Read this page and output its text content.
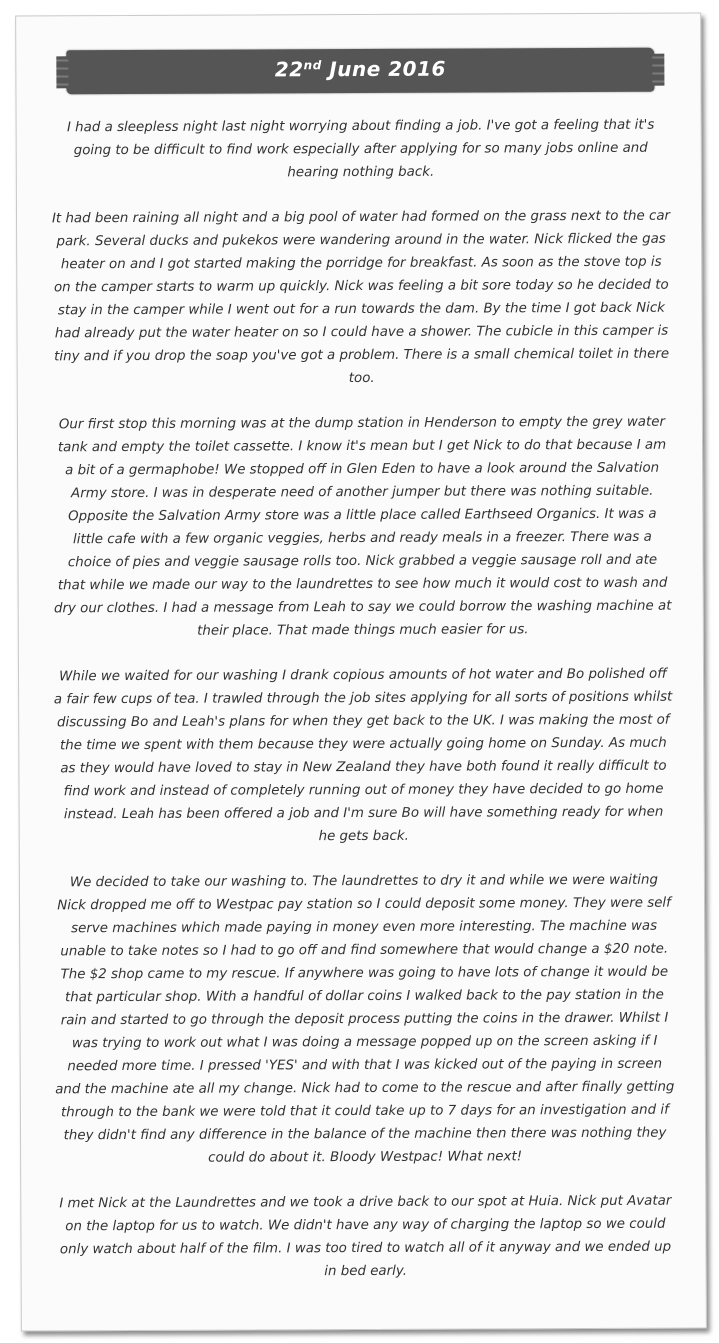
22nd June 2016

I had a sleepless night last night worrying about finding a job. I've got a feeling that it's going to be difficult to find work especially after applying for so many jobs online and hearing nothing back.

It had been raining all night and a big pool of water had formed on the grass next to the car park. Several ducks and pukekos were wandering around in the water. Nick flicked the gas heater on and I got started making the porridge for breakfast. As soon as the stove top is on the camper starts to warm up quickly. Nick was feeling a bit sore today so he decided to stay in the camper while I went out for a run towards the dam. By the time I got back Nick had already put the water heater on so I could have a shower. The cubicle in this camper is tiny and if you drop the soap you've got a problem. There is a small chemical toilet in there too.

Our first stop this morning was at the dump station in Henderson to empty the grey water tank and empty the toilet cassette. I know it's mean but I get Nick to do that because I am a bit of a germaphobe! We stopped off in Glen Eden to have a look around the Salvation Army store. I was in desperate need of another jumper but there was nothing suitable. Opposite the Salvation Army store was a little place called Earthseed Organics. It was a little cafe with a few organic veggies, herbs and ready meals in a freezer. There was a choice of pies and veggie sausage rolls too. Nick grabbed a veggie sausage roll and ate that while we made our way to the laundrettes to see how much it would cost to wash and dry our clothes. I had a message from Leah to say we could borrow the washing machine at their place. That made things much easier for us.

While we waited for our washing I drank copious amounts of hot water and Bo polished off a fair few cups of tea. I trawled through the job sites applying for all sorts of positions whilst discussing Bo and Leah's plans for when they get back to the UK. I was making the most of the time we spent with them because they were actually going home on Sunday. As much as they would have loved to stay in New Zealand they have both found it really difficult to find work and instead of completely running out of money they have decided to go home instead. Leah has been offered a job and I'm sure Bo will have something ready for when he gets back.

We decided to take our washing to. The laundrettes to dry it and while we were waiting Nick dropped me off to Westpac pay station so I could deposit some money. They were self serve machines which made paying in money even more interesting. The machine was unable to take notes so I had to go off and find somewhere that would change a $20 note. The $2 shop came to my rescue. If anywhere was going to have lots of change it would be that particular shop. With a handful of dollar coins I walked back to the pay station in the rain and started to go through the deposit process putting the coins in the drawer. Whilst I was trying to work out what I was doing a message popped up on the screen asking if I needed more time. I pressed 'YES' and with that I was kicked out of the paying in screen and the machine ate all my change. Nick had to come to the rescue and after finally getting through to the bank we were told that it could take up to 7 days for an investigation and if they didn't find any difference in the balance of the machine then there was nothing they could do about it. Bloody Westpac! What next!

I met Nick at the Laundrettes and we took a drive back to our spot at Huia. Nick put Avatar on the laptop for us to watch. We didn't have any way of charging the laptop so we could only watch about half of the film. I was too tired to watch all of it anyway and we ended up in bed early.
